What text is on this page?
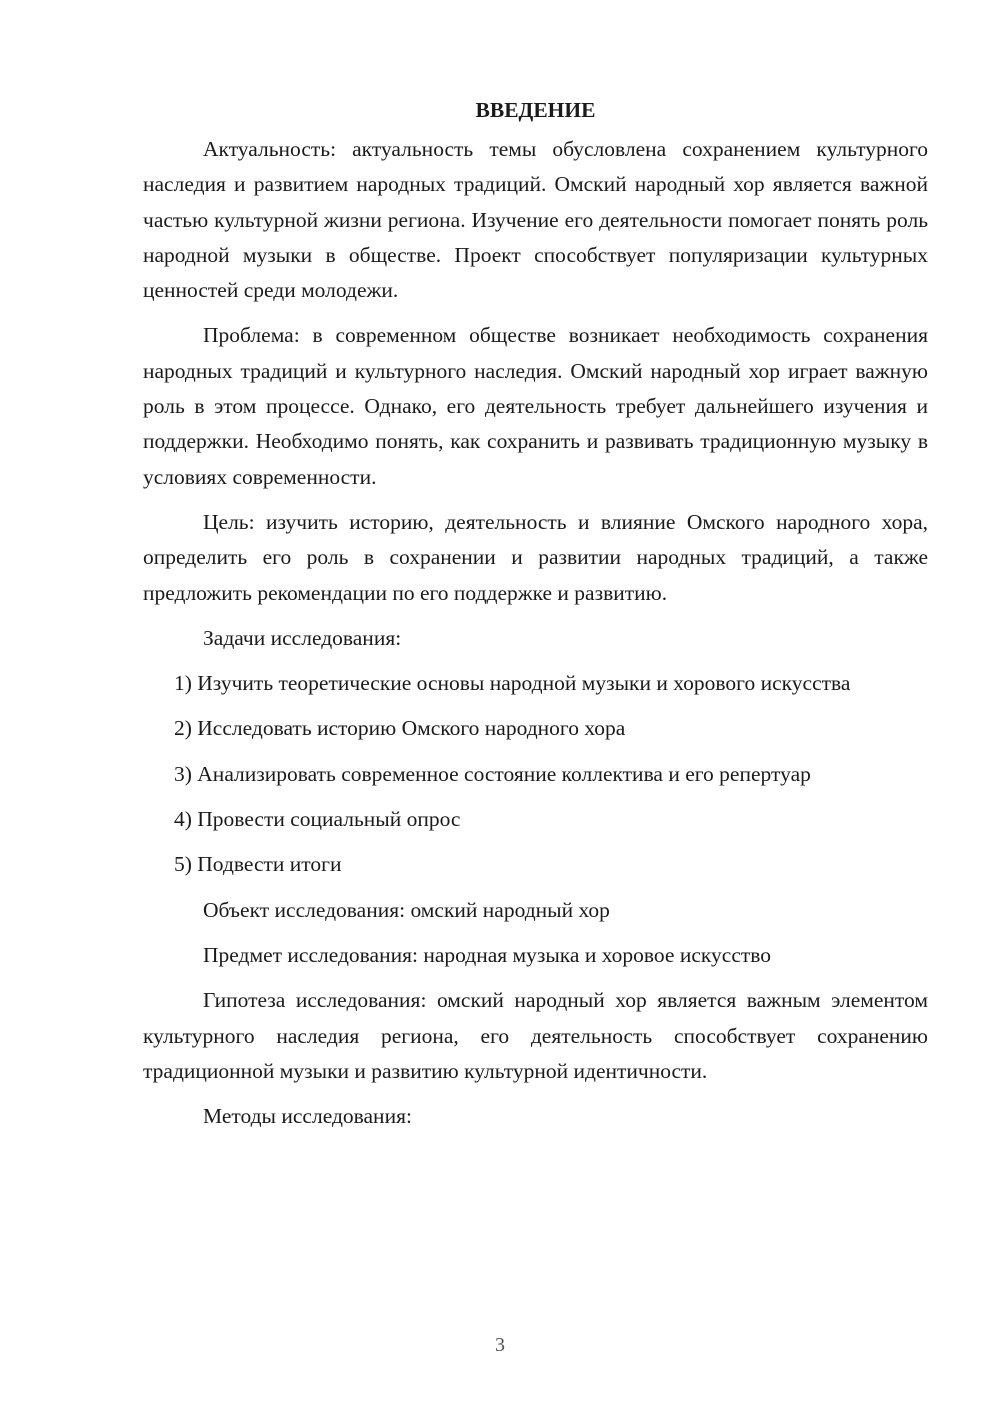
ВВЕДЕНИЕ

Актуальность: актуальность темы обусловлена сохранением культурного наследия и развитием народных традиций. Омский народный хор является важной частью культурной жизни региона. Изучение его деятельности помогает понять роль народной музыки в обществе. Проект способствует популяризации культурных ценностей среди молодежи.

Проблема: в современном обществе возникает необходимость сохранения народных традиций и культурного наследия. Омский народный хор играет важную роль в этом процессе. Однако, его деятельность требует дальнейшего изучения и поддержки. Необходимо понять, как сохранить и развивать традиционную музыку в условиях современности.

Цель: изучить историю, деятельность и влияние Омского народного хора, определить его роль в сохранении и развитии народных традиций, а также предложить рекомендации по его поддержке и развитию.

Задачи исследования:

1) Изучить теоретические основы народной музыки и хорового искусства

2) Исследовать историю Омского народного хора

3) Анализировать современное состояние коллектива и его репертуар

4) Провести социальный опрос

5) Подвести итоги

Объект исследования: омский народный хор

Предмет исследования: народная музыка и хоровое искусство

Гипотеза исследования: омский народный хор является важным элементом культурного наследия региона, его деятельность способствует сохранению традиционной музыки и развитию культурной идентичности.

Методы исследования:

3
